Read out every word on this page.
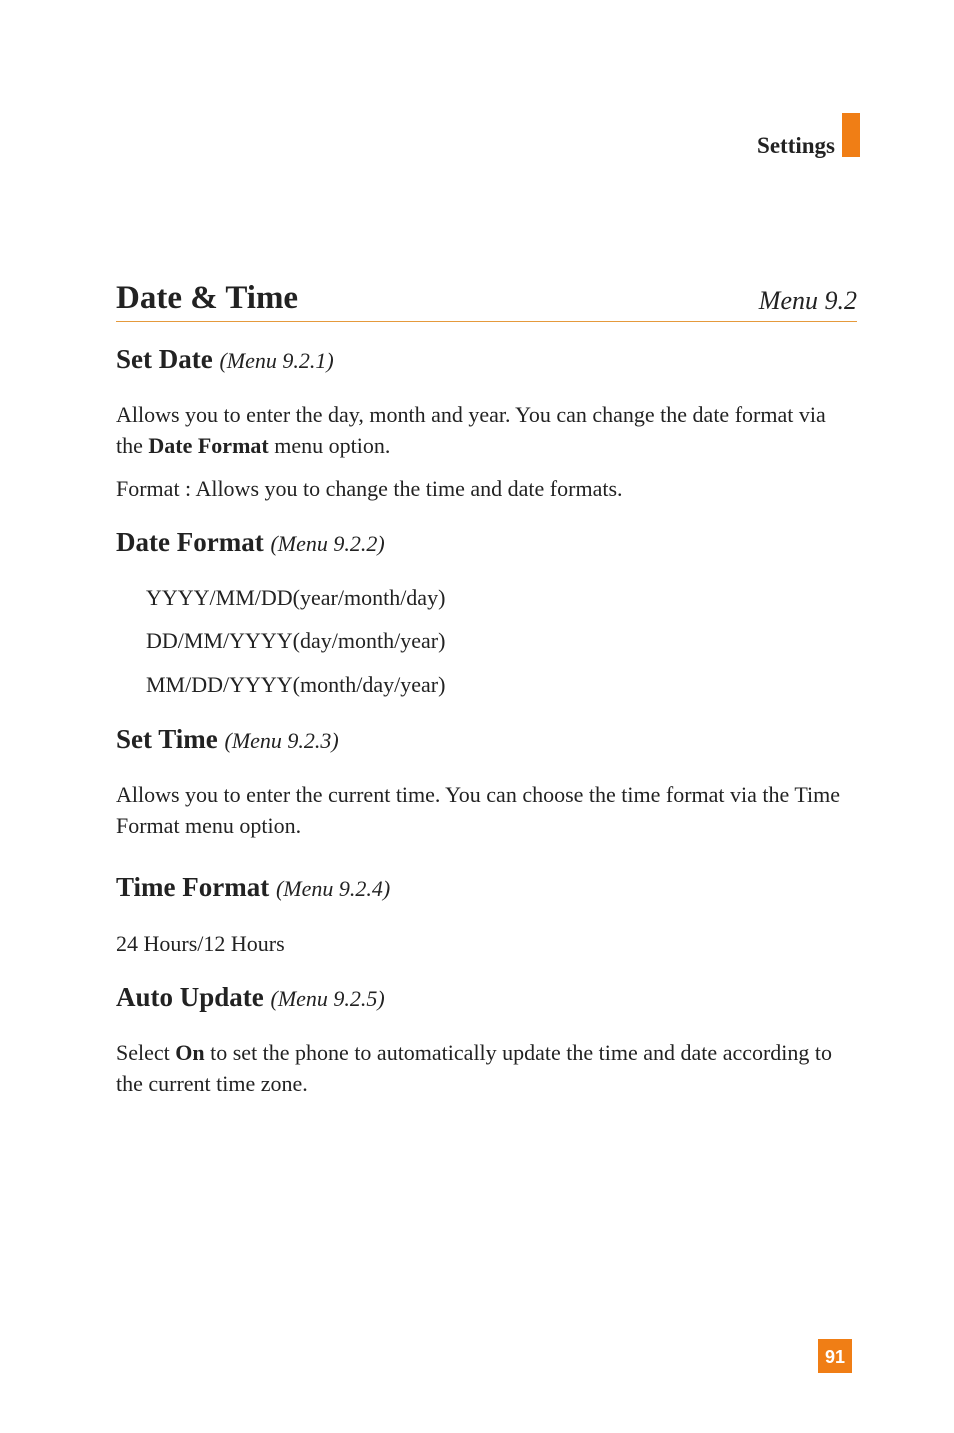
Settings
Date & Time	Menu 9.2
Set Date (Menu 9.2.1)
Allows you to enter the day, month and year. You can change the date format via the Date Format menu option.
Format : Allows you to change the time and date formats.
Date Format (Menu 9.2.2)
YYYY/MM/DD(year/month/day)
DD/MM/YYYY(day/month/year)
MM/DD/YYYY(month/day/year)
Set Time (Menu 9.2.3)
Allows you to enter the current time. You can choose the time format via the Time Format menu option.
Time Format (Menu 9.2.4)
24 Hours/12 Hours
Auto Update (Menu 9.2.5)
Select On to set the phone to automatically update the time and date according to the current time zone.
91
